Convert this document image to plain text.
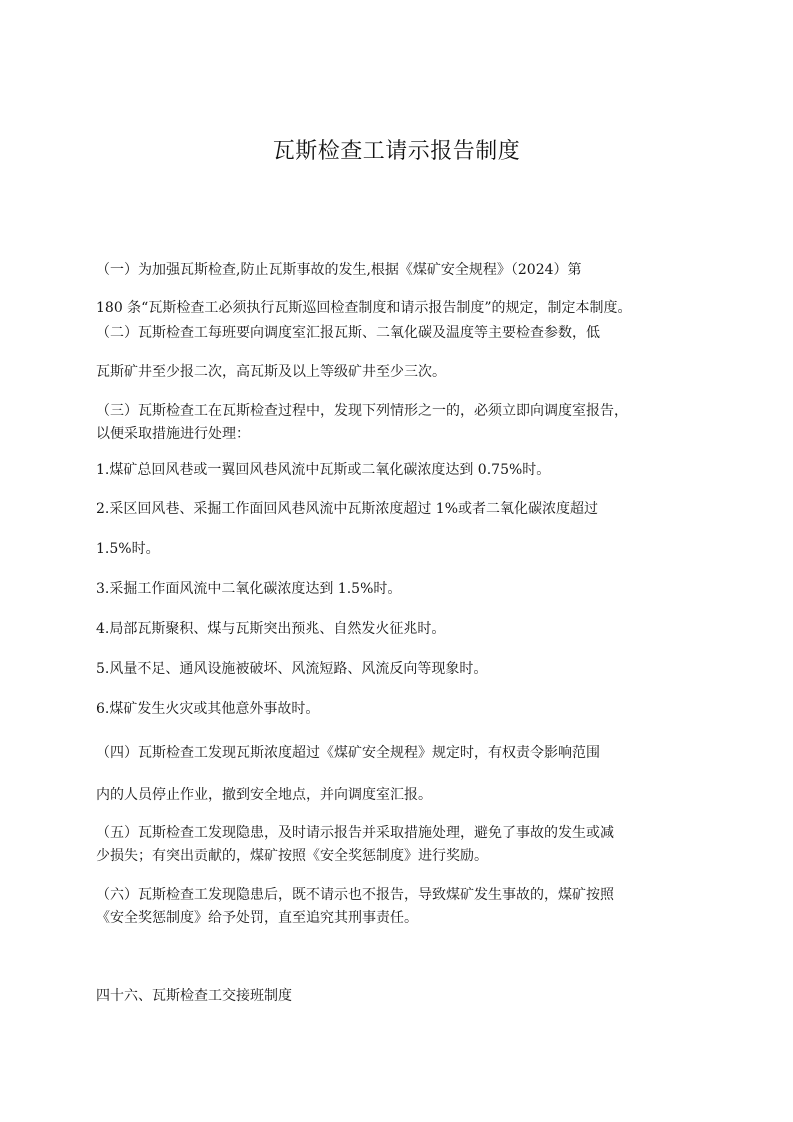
瓦斯检查工请示报告制度
（一）为加强瓦斯检查,防止瓦斯事故的发生,根据《煤矿安全规程》（2024）第
180 条“瓦斯检查工必须执行瓦斯巡回检查制度和请示报告制度”的规定，制定本制度。
（二）瓦斯检查工每班要向调度室汇报瓦斯、二氧化碳及温度等主要检查参数，低
瓦斯矿井至少报二次，高瓦斯及以上等级矿井至少三次。
（三）瓦斯检查工在瓦斯检查过程中，发现下列情形之一的，必须立即向调度室报告，
以便采取措施进行处理：
1.煤矿总回风巷或一翼回风巷风流中瓦斯或二氧化碳浓度达到 0.75%时。
2.采区回风巷、采掘工作面回风巷风流中瓦斯浓度超过 1%或者二氧化碳浓度超过
1.5%时。
3.采掘工作面风流中二氧化碳浓度达到 1.5%时。
4.局部瓦斯聚积、煤与瓦斯突出预兆、自然发火征兆时。
5.风量不足、通风设施被破坏、风流短路、风流反向等现象时。
6.煤矿发生火灾或其他意外事故时。
（四）瓦斯检查工发现瓦斯浓度超过《煤矿安全规程》规定时，有权责令影响范围
内的人员停止作业，撤到安全地点，并向调度室汇报。
（五）瓦斯检查工发现隐患，及时请示报告并采取措施处理，避免了事故的发生或减
少损失；有突出贡献的，煤矿按照《安全奖惩制度》进行奖励。
（六）瓦斯检查工发现隐患后，既不请示也不报告，导致煤矿发生事故的，煤矿按照
《安全奖惩制度》给予处罚，直至追究其刑事责任。
四十六、瓦斯检查工交接班制度
